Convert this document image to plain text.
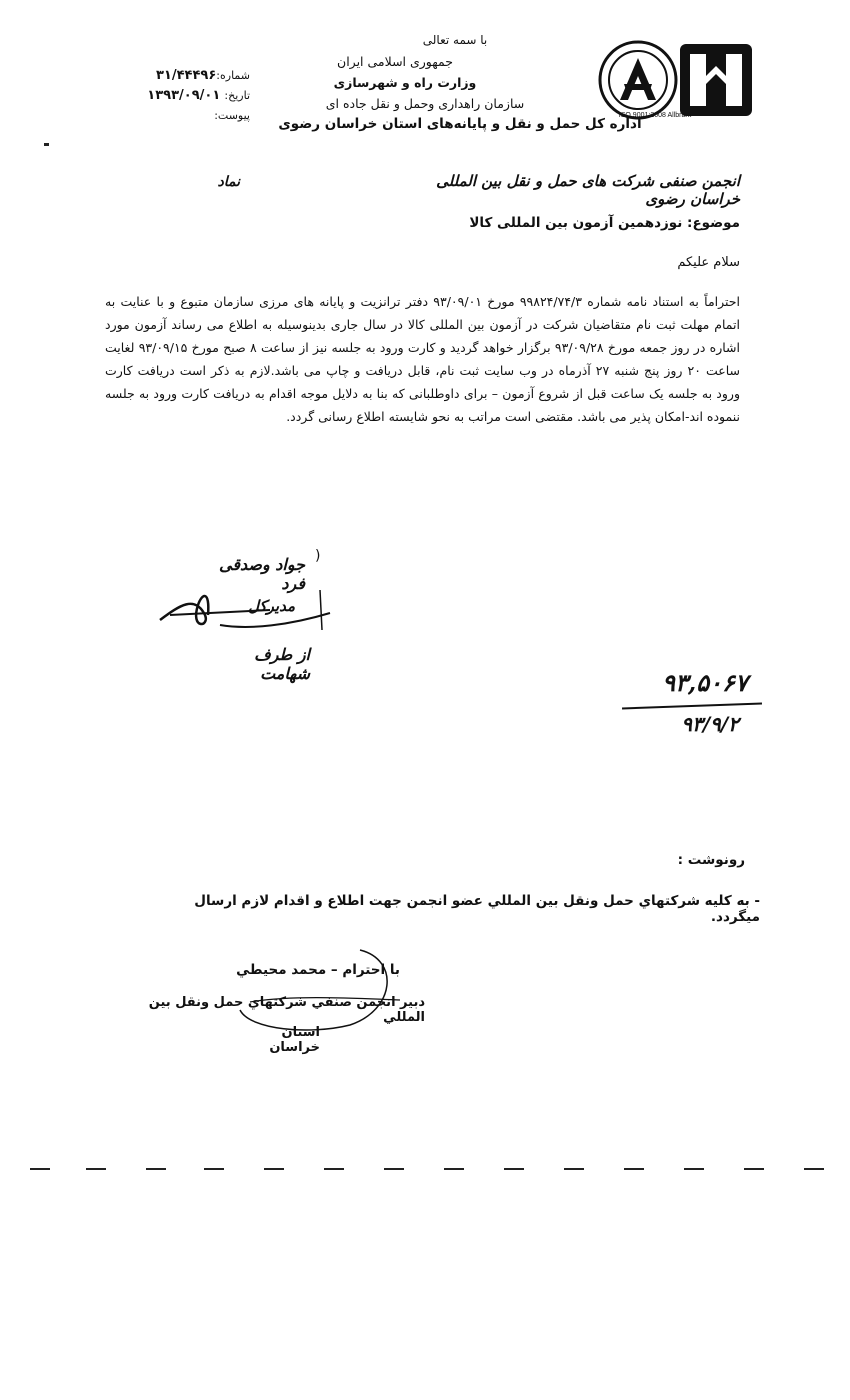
ISO 9001:2008 Allbrant
با سمه تعالی
جمهوری اسلامی ایران
وزارت راه و شهرسازی
سازمان راهداری وحمل و نقل جاده ای
اداره کل حمل و نقل و پایانه‌های استان خراسان رضوی
شماره:۳۱/۴۴۴۹۶
تاریخ: ۱۳۹۳/۰۹/۰۱
پیوست:
انجمن صنفی شرکت های حمل و نقل بین المللی خراسان رضوی
نماد
موضوع: نوزدهمین آزمون بین المللی کالا
سلام علیکم
احتراماً به استناد نامه شماره ۹۹۸۲۴/۷۴/۳ مورخ ۹۳/۰۹/۰۱ دفتر ترانزیت و پایانه های مرزی سازمان متبوع و با عنایت به اتمام مهلت ثبت نام متقاضیان شرکت در آزمون بین المللی کالا در سال جاری بدینوسیله به اطلاع می رساند آزمون مورد اشاره در روز جمعه مورخ ۹۳/۰۹/۲۸ برگزار خواهد گردید و کارت ورود به جلسه نیز از ساعت ۸ صبح مورخ ۹۳/۰۹/۱۵ لغایت ساعت ۲۰ روز پنج شنبه ۲۷ آذرماه در وب سایت ثبت نام، قابل دریافت و چاپ می باشد.لازم به ذکر است دریافت کارت ورود به جلسه یک ساعت قبل از شروع آزمون – برای داوطلبانی که بنا به دلایل موجه اقدام به دریافت کارت ورود به جلسه ننموده اند-امکان پذیر می باشد. مقتضی است مراتب به نحو شایسته اطلاع رسانی گردد.
جواد وصدقی فرد
مدیرکل
از طرف شهامت
)
۹۳,۵۰۶۷
۹۳/۹/۲
رونوشت :
- به كليه شركتهاي حمل ونقل بين المللي عضو انجمن جهت اطلاع و اقدام لازم ارسال ميگردد.
با احترام – محمد محيطي
دبير انجمن صنفي شركتهاي حمل ونقل بين المللي
استان خراسان
